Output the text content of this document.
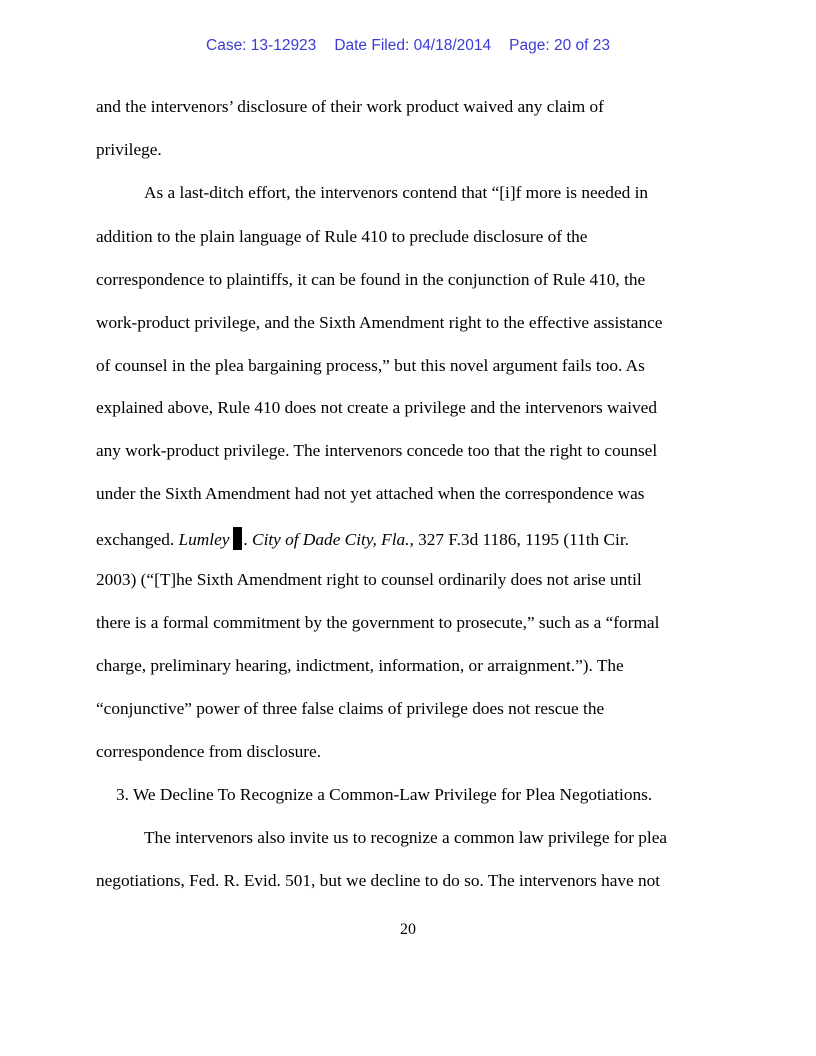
Case: 13-12923 Date Filed: 04/18/2014 Page: 20 of 23
and the intervenors’ disclosure of their work product waived any claim of
privilege.
As a last-ditch effort, the intervenors contend that “[i]f more is needed in
addition to the plain language of Rule 410 to preclude disclosure of the
correspondence to plaintiffs, it can be found in the conjunction of Rule 410, the
work-product privilege, and the Sixth Amendment right to the effective assistance
of counsel in the plea bargaining process,” but this novel argument fails too. As
explained above, Rule 410 does not create a privilege and the intervenors waived
any work-product privilege. The intervenors concede too that the right to counsel
under the Sixth Amendment had not yet attached when the correspondence was
exchanged. Lumley . City of Dade City, Fla., 327 F.3d 1186, 1195 (11th Cir.
2003) (“[T]he Sixth Amendment right to counsel ordinarily does not arise until
there is a formal commitment by the government to prosecute,” such as a “formal
charge, preliminary hearing, indictment, information, or arraignment.”). The
“conjunctive” power of three false claims of privilege does not rescue the
correspondence from disclosure.
3. We Decline To Recognize a Common-Law Privilege for Plea Negotiations.
The intervenors also invite us to recognize a common law privilege for plea
negotiations, Fed. R. Evid. 501, but we decline to do so. The intervenors have not
20
